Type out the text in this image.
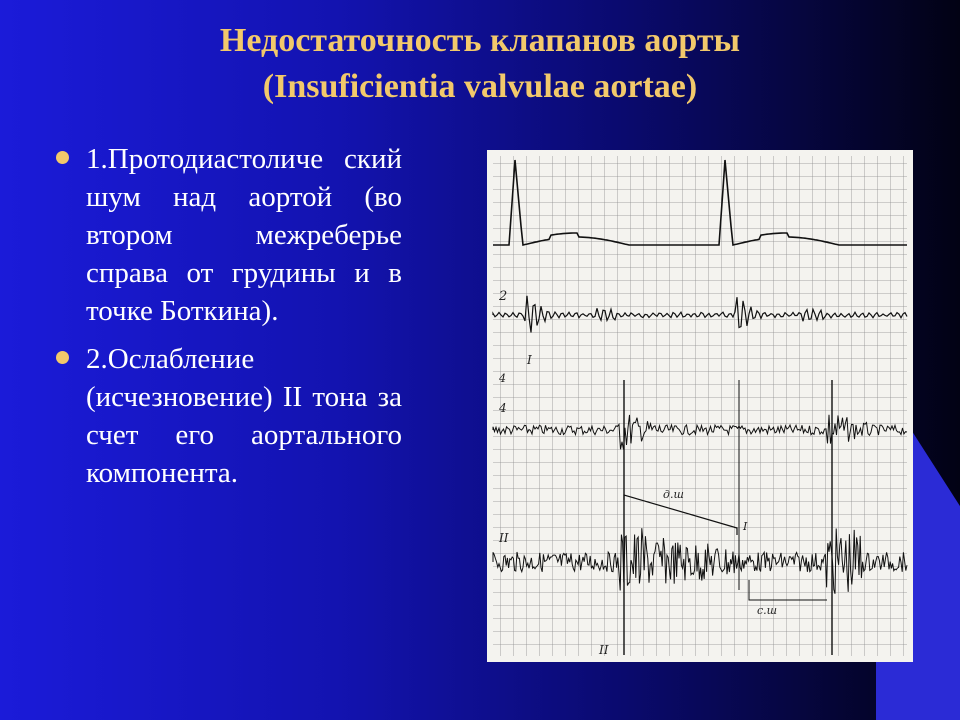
Недостаточность клапанов аорты
(Insuficientia valvulae aortae)
1.Протодиастоличе ский шум над аортой (во втором межреберье справа от грудины и в точке Боткина).
2.Ослабление (исчезновение) II тона за счет его аортального компонента.
2
I
4
4
II
II
д.ш
с.ш
I
